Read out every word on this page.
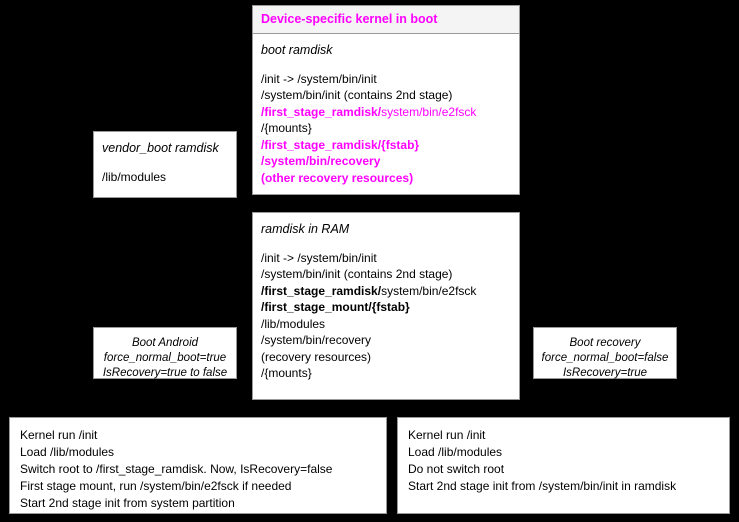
Device-specific kernel in boot
boot ramdisk
/init -> /system/bin/init
/system/bin/init (contains 2nd stage)
/first_stage_ramdisk/system/bin/e2fsck
/{mounts}
/first_stage_ramdisk/{fstab}
/system/bin/recovery
(other recovery resources)
vendor_boot ramdisk
/lib/modules
ramdisk in RAM
/init -> /system/bin/init
/system/bin/init (contains 2nd stage)
/first_stage_ramdisk/system/bin/e2fsck
/first_stage_mount/{fstab}
/lib/modules
/system/bin/recovery
(recovery resources)
/{mounts}
Boot Android
force_normal_boot=true
IsRecovery=true to false
Boot recovery
force_normal_boot=false
IsRecovery=true
Kernel run /init
Load /lib/modules
Switch root to /first_stage_ramdisk. Now, IsRecovery=false
First stage mount, run /system/bin/e2fsck if needed
Start 2nd stage init from system partition
Kernel run /init
Load /lib/modules
Do not switch root
Start 2nd stage init from /system/bin/init in ramdisk
